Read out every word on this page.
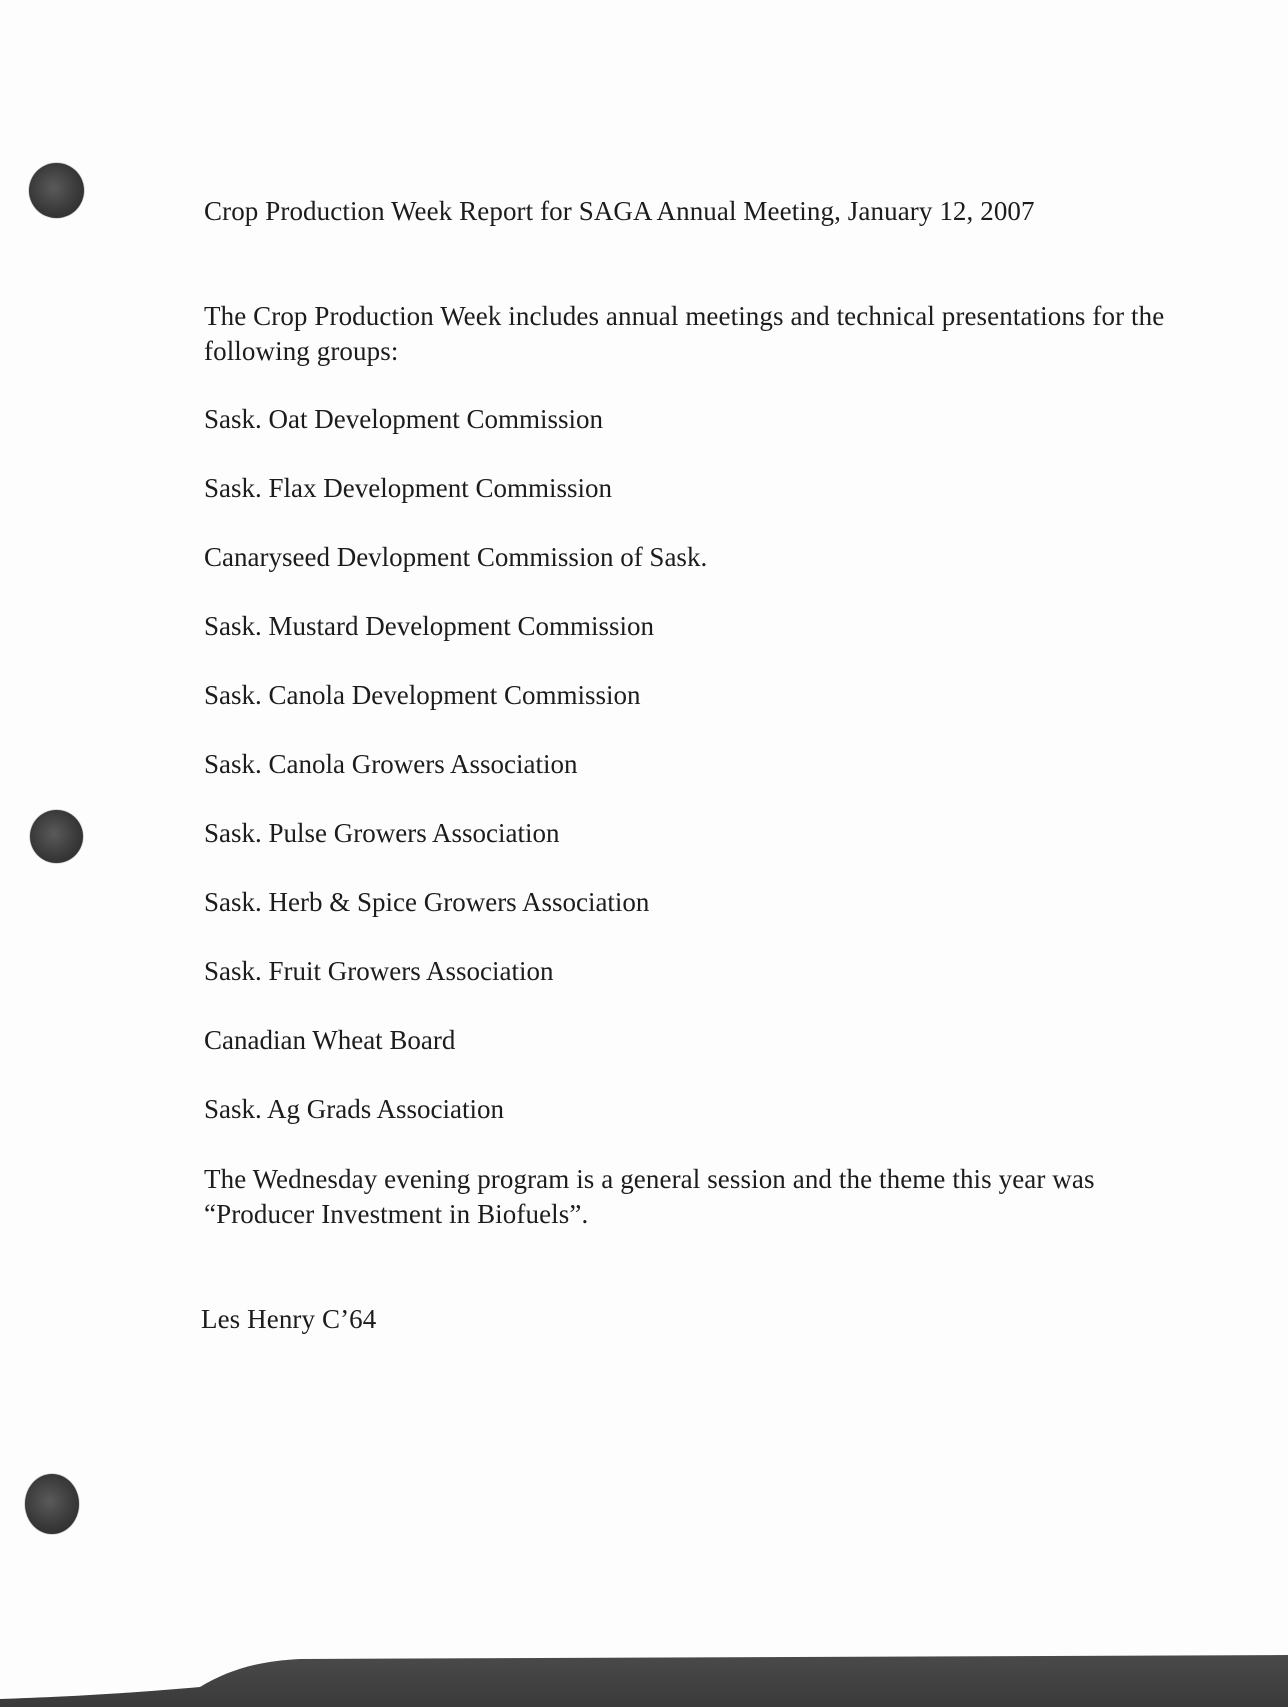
Crop Production Week Report for SAGA Annual Meeting, January 12, 2007
The Crop Production Week includes annual meetings and technical presentations for the
following groups:
Sask. Oat Development Commission
Sask. Flax Development Commission
Canaryseed Devlopment Commission of Sask.
Sask. Mustard Development Commission
Sask. Canola Development Commission
Sask. Canola Growers Association
Sask. Pulse Growers Association
Sask. Herb & Spice Growers Association
Sask. Fruit Growers Association
Canadian Wheat Board
Sask. Ag Grads Association
The Wednesday evening program is a general session and the theme this year was
“Producer Investment in Biofuels”.
Les Henry C’64
